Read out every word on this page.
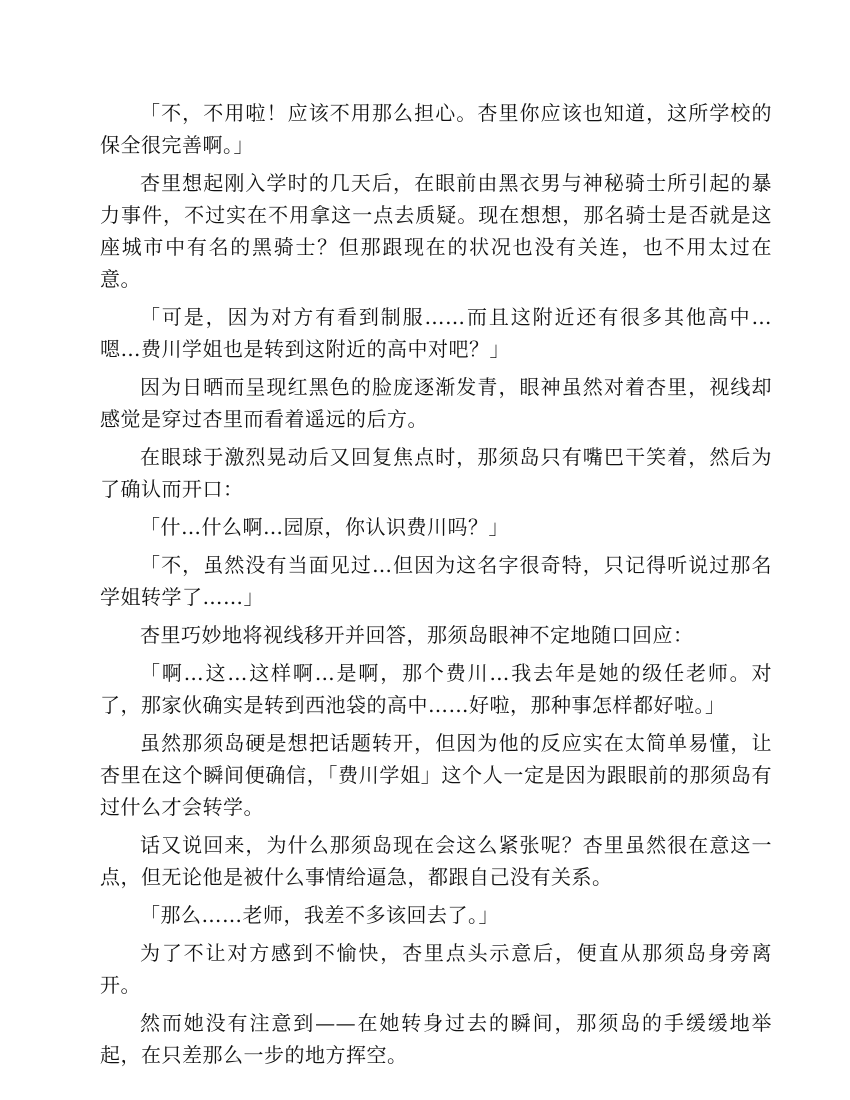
「不，不用啦！应该不用那么担心。杏里你应该也知道，这所学校的保全很完善啊。」

杏里想起刚入学时的几天后，在眼前由黑衣男与神秘骑士所引起的暴力事件，不过实在不用拿这一点去质疑。现在想想，那名骑士是否就是这座城市中有名的黑骑士？但那跟现在的状况也没有关连，也不用太过在意。

「可是，因为对方有看到制服……而且这附近还有很多其他高中…嗯…费川学姐也是转到这附近的高中对吧？」

因为日晒而呈现红黑色的脸庞逐渐发青，眼神虽然对着杏里，视线却感觉是穿过杏里而看着遥远的后方。

在眼球于激烈晃动后又回复焦点时，那须岛只有嘴巴干笑着，然后为了确认而开口：

「什…什么啊…园原，你认识费川吗？」

「不，虽然没有当面见过…但因为这名字很奇特，只记得听说过那名学姐转学了……」

杏里巧妙地将视线移开并回答，那须岛眼神不定地随口回应：

「啊…这…这样啊…是啊，那个费川…我去年是她的级任老师。对了，那家伙确实是转到西池袋的高中……好啦，那种事怎样都好啦。」

虽然那须岛硬是想把话题转开，但因为他的反应实在太简单易懂，让杏里在这个瞬间便确信，「费川学姐」这个人一定是因为跟眼前的那须岛有过什么才会转学。

话又说回来，为什么那须岛现在会这么紧张呢？杏里虽然很在意这一点，但无论他是被什么事情给逼急，都跟自己没有关系。

「那么……老师，我差不多该回去了。」

为了不让对方感到不愉快，杏里点头示意后，便直从那须岛身旁离开。

然而她没有注意到——在她转身过去的瞬间，那须岛的手缓缓地举起，在只差那么一步的地方挥空。
